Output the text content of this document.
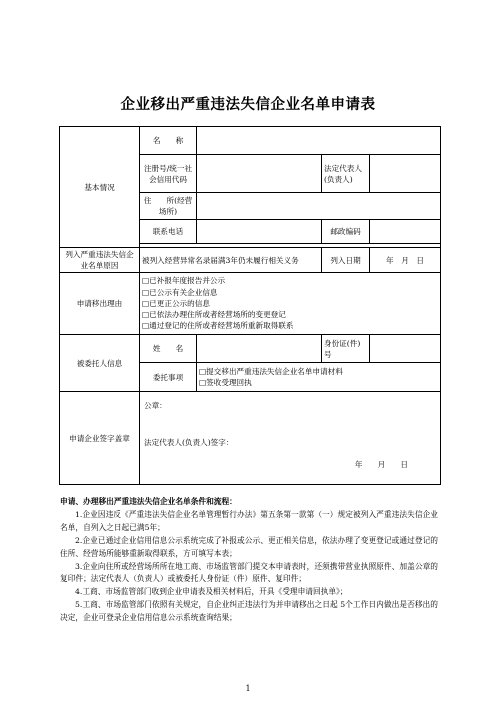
企业移出严重违法失信企业名单申请表
基本情况	名　　称			
	注册号/统一社会信用代码		法定代表人(负责人)	
	住　　所(经营场所)			
	联系电话		邮政编码	

列入严重违法失信企业名单原因	被列入经营异常名录届满3年仍未履行相关义务		列入日期	年　月　日
申请移出理由	□已补报年度报告并公示
□已公示有关企业信息
□已更正公示的信息
□已依法办理住所或者经营场所的变更登记
□通过登记的住所或者经营场所重新取得联系			

被委托人信息	姓　　名		身份证(件)号	
	委托事项	□提交移出严重违法失信企业名单申请材料
□签收受理回执		

申请企业签字盖章	公章：
法定代表人(负责人)签字：
年　　月　　日			
申请、办理移出严重违法失信企业名单条件和流程：

1.企业因违反《严重违法失信企业名单管理暂行办法》第五条第一款第（一）规定被列入严重违法失信企业名单，自列入之日起已满5年；

2.企业已通过企业信用信息公示系统完成了补报或公示、更正相关信息，依法办理了变更登记或通过登记的住所、经营场所能够重新取得联系，方可填写本表；

3.企业向住所或经营场所所在地工商、市场监管部门提交本申请表时，还须携带营业执照原件、加盖公章的复印件；法定代表人（负责人）或被委托人身份证（件）原件、复印件；

4.工商、市场监管部门收到企业申请表及相关材料后，开具《受理申请回执单》；

5.工商、市场监管部门依照有关规定，自企业纠正违法行为并申请移出之日起 5个工作日内做出是否移出的决定，企业可登录企业信用信息公示系统查询结果；

1
